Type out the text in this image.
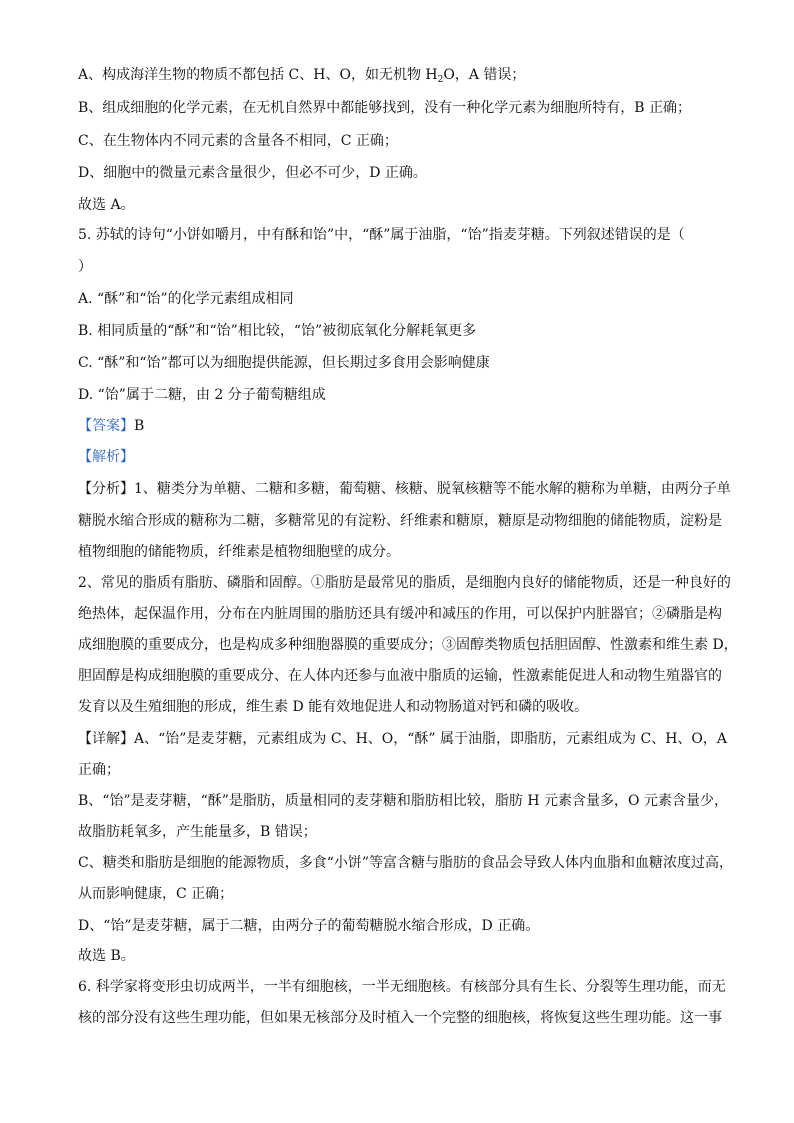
A、构成海洋生物的物质不都包括 C、H、O，如无机物 $H_2O$，A 错误；
B、组成细胞的化学元素，在无机自然界中都能够找到，没有一种化学元素为细胞所特有，B 正确；
C、在生物体内不同元素的含量各不相同，C 正确；
D、细胞中的微量元素含量很少，但必不可少，D 正确。
故选 A。
5. 苏轼的诗句“小饼如嚼月，中有酥和饴”中，“酥”属于油脂，“饴”指麦芽糖。下列叙述错误的是（
）
A. “酥”和“饴”的化学元素组成相同
B. 相同质量的“酥”和“饴”相比较，“饴”被彻底氧化分解耗氧更多
C. “酥”和“饴”都可以为细胞提供能源，但长期过多食用会影响健康
D. “饴”属于二糖，由 2 分子葡萄糖组成
【答案】B
【解析】
【分析】1、糖类分为单糖、二糖和多糖，葡萄糖、核糖、脱氧核糖等不能水解的糖称为单糖，由两分子单
糖脱水缩合形成的糖称为二糖，多糖常见的有淀粉、纤维素和糖原，糖原是动物细胞的储能物质，淀粉是
植物细胞的储能物质，纤维素是植物细胞壁的成分。
2、常见的脂质有脂肪、磷脂和固醇。①脂肪是最常见的脂质，是细胞内良好的储能物质，还是一种良好的
绝热体，起保温作用，分布在内脏周围的脂肪还具有缓冲和减压的作用，可以保护内脏器官；②磷脂是构
成细胞膜的重要成分，也是构成多种细胞器膜的重要成分；③固醇类物质包括胆固醇、性激素和维生素 D，
胆固醇是构成细胞膜的重要成分、在人体内还参与血液中脂质的运输，性激素能促进人和动物生殖器官的
发育以及生殖细胞的形成，维生素 D 能有效地促进人和动物肠道对钙和磷的吸收。
【详解】A、“饴”是麦芽糖，元素组成为 C、H、O，“酥” 属于油脂，即脂肪，元素组成为 C、H、O，A
正确；
B、“饴”是麦芽糖，“酥”是脂肪，质量相同的麦芽糖和脂肪相比较，脂肪 H 元素含量多，O 元素含量少，
故脂肪耗氧多，产生能量多，B 错误；
C、糖类和脂肪是细胞的能源物质，多食“小饼”等富含糖与脂肪的食品会导致人体内血脂和血糖浓度过高，
从而影响健康，C 正确；
D、“饴”是麦芽糖，属于二糖，由两分子的葡萄糖脱水缩合形成，D 正确。
故选 B。
6. 科学家将变形虫切成两半，一半有细胞核，一半无细胞核。有核部分具有生长、分裂等生理功能，而无
核的部分没有这些生理功能，但如果无核部分及时植入一个完整的细胞核，将恢复这些生理功能。这一事
